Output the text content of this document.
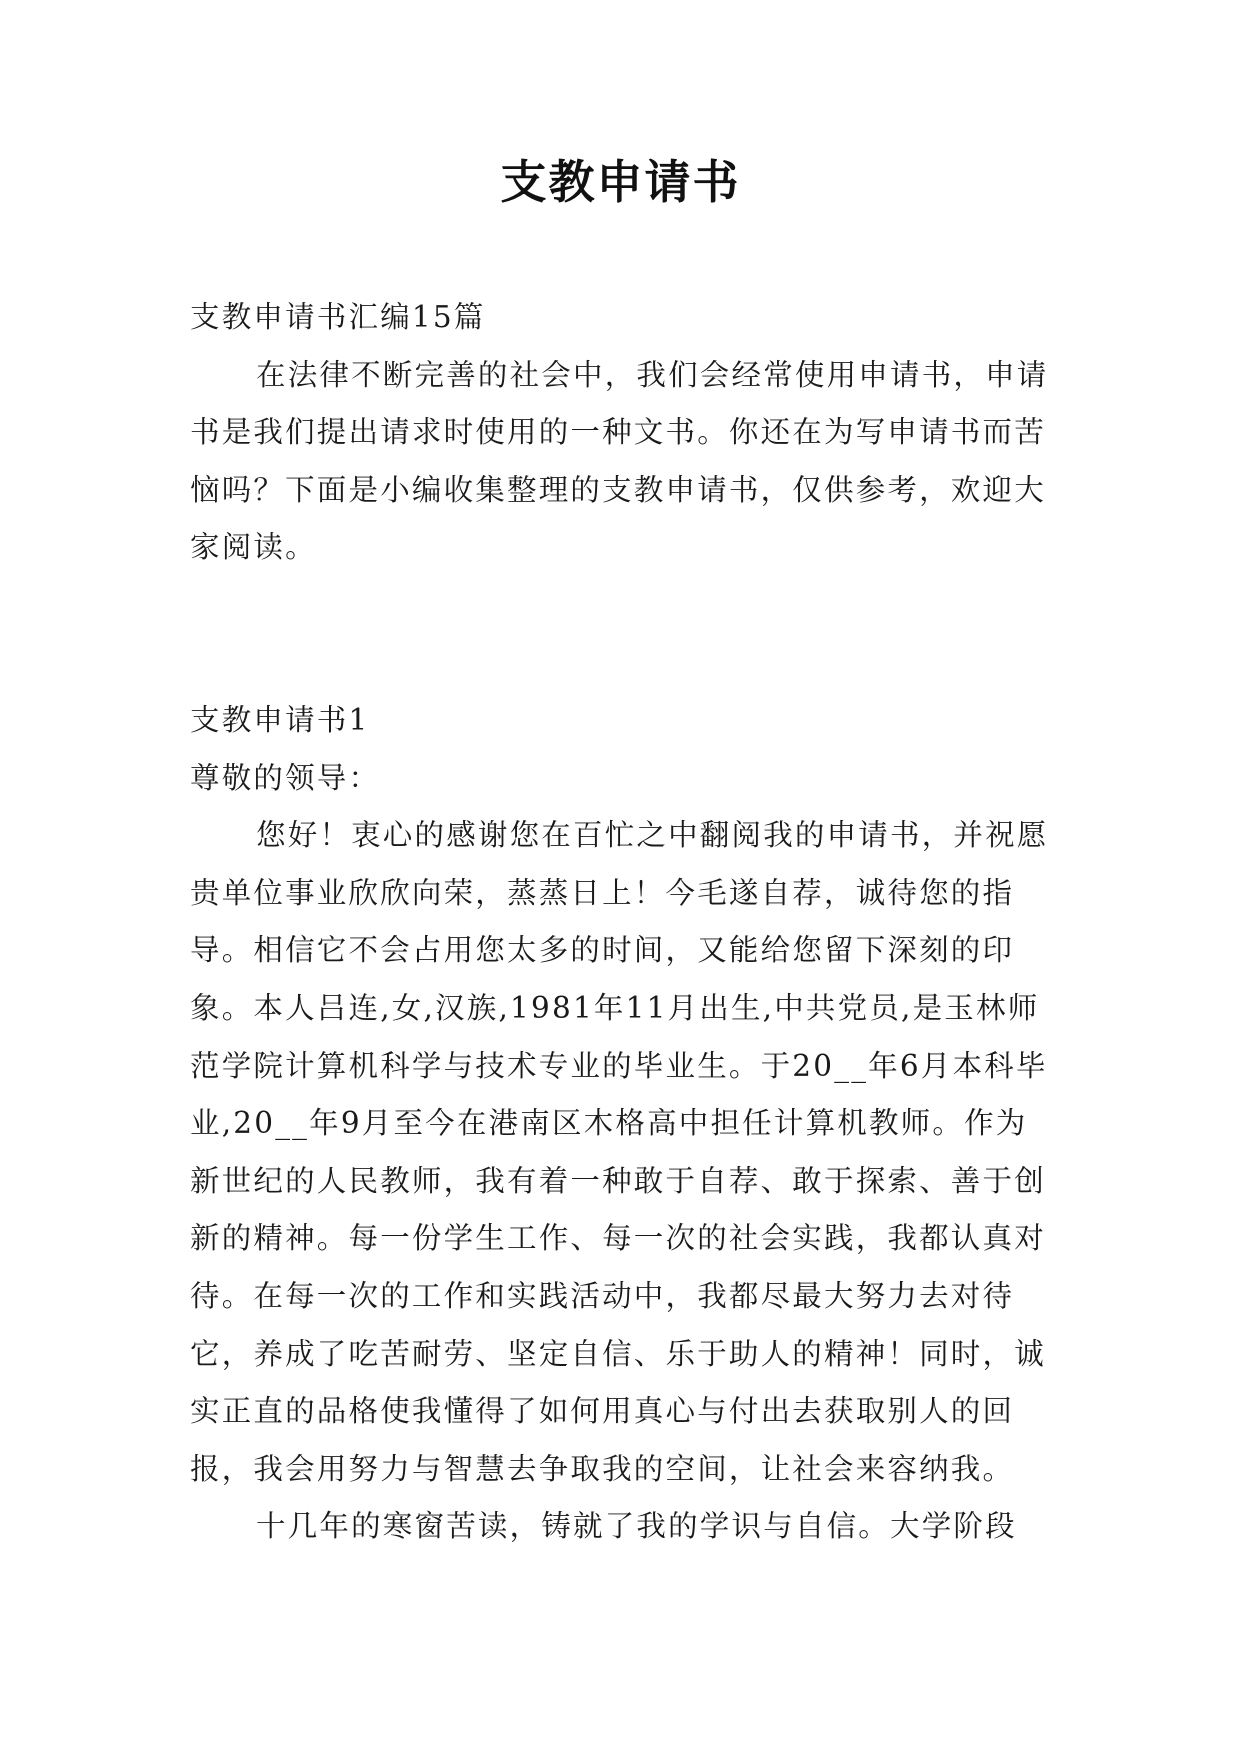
支教申请书

支教申请书汇编15篇

在法律不断完善的社会中，我们会经常使用申请书，申请书是我们提出请求时使用的一种文书。你还在为写申请书而苦恼吗？下面是小编收集整理的支教申请书，仅供参考，欢迎大家阅读。

支教申请书1

尊敬的领导：

您好！衷心的感谢您在百忙之中翻阅我的申请书，并祝愿贵单位事业欣欣向荣，蒸蒸日上！今毛遂自荐，诚待您的指导。相信它不会占用您太多的时间，又能给您留下深刻的印象。本人吕连,女,汉族,1981年11月出生,中共党员,是玉林师范学院计算机科学与技术专业的毕业生。于20__年6月本科毕业,20__年9月至今在港南区木格高中担任计算机教师。作为新世纪的人民教师，我有着一种敢于自荐、敢于探索、善于创新的精神。每一份学生工作、每一次的社会实践，我都认真对待。在每一次的工作和实践活动中，我都尽最大努力去对待它，养成了吃苦耐劳、坚定自信、乐于助人的精神！同时，诚实正直的品格使我懂得了如何用真心与付出去获取别人的回报，我会用努力与智慧去争取我的空间，让社会来容纳我。

十几年的寒窗苦读，铸就了我的学识与自信。大学阶段
